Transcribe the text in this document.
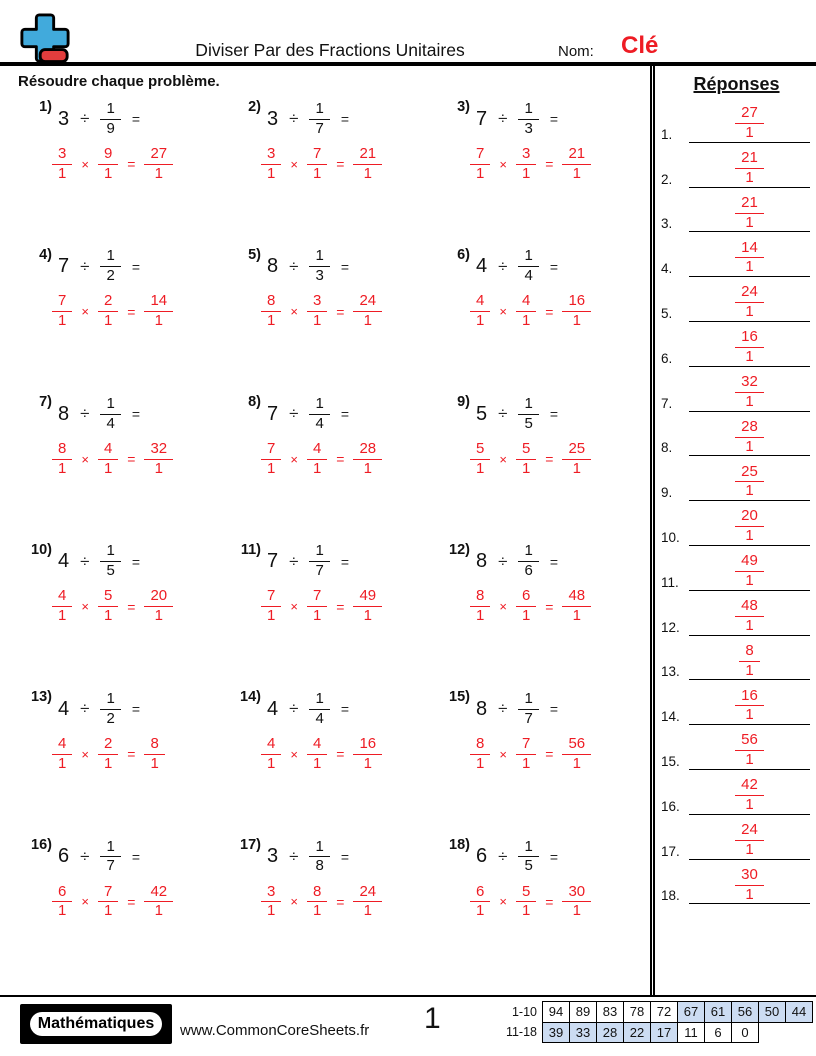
Diviser Par des Fractions Unitaires	Nom: Clé
Résoudre chaque problème.
1)
$3 \div \frac{1}{9}$ =
$\frac{3}{1} \times \frac{9}{1} = \frac{27}{1}$
2)
$3 \div \frac{1}{7}$ =
$\frac{3}{1} \times \frac{7}{1} = \frac{21}{1}$
3)
$7 \div \frac{1}{3}$ =
$\frac{7}{1} \times \frac{3}{1} = \frac{21}{1}$
4)
$7 \div \frac{1}{2}$ =
$\frac{7}{1} \times \frac{2}{1} = \frac{14}{1}$
5)
$8 \div \frac{1}{3}$ =
$\frac{8}{1} \times \frac{3}{1} = \frac{24}{1}$
6)
$4 \div \frac{1}{4}$ =
$\frac{4}{1} \times \frac{4}{1} = \frac{16}{1}$
7)
$8 \div \frac{1}{4}$ =
$\frac{8}{1} \times \frac{4}{1} = \frac{32}{1}$
8)
$7 \div \frac{1}{4}$ =
$\frac{7}{1} \times \frac{4}{1} = \frac{28}{1}$
9)
$5 \div \frac{1}{5}$ =
$\frac{5}{1} \times \frac{5}{1} = \frac{25}{1}$
10)
$4 \div \frac{1}{5}$ =
$\frac{4}{1} \times \frac{5}{1} = \frac{20}{1}$
11)
$7 \div \frac{1}{7}$ =
$\frac{7}{1} \times \frac{7}{1} = \frac{49}{1}$
12)
$8 \div \frac{1}{6}$ =
$\frac{8}{1} \times \frac{6}{1} = \frac{48}{1}$
13)
$4 \div \frac{1}{2}$ =
$\frac{4}{1} \times \frac{2}{1} = \frac{8}{1}$
14)
$4 \div \frac{1}{4}$ =
$\frac{4}{1} \times \frac{4}{1} = \frac{16}{1}$
15)
$8 \div \frac{1}{7}$ =
$\frac{8}{1} \times \frac{7}{1} = \frac{56}{1}$
16)
$6 \div \frac{1}{7}$ =
$\frac{6}{1} \times \frac{7}{1} = \frac{42}{1}$
17)
$3 \div \frac{1}{8}$ =
$\frac{3}{1} \times \frac{8}{1} = \frac{24}{1}$
18)
$6 \div \frac{1}{5}$ =
$\frac{6}{1} \times \frac{5}{1} = \frac{30}{1}$
Réponses
1.	$\frac{27}{1}$
2.	$\frac{21}{1}$
3.	$\frac{21}{1}$
4.	$\frac{14}{1}$
5.	$\frac{24}{1}$
6.	$\frac{16}{1}$
7.	$\frac{32}{1}$
8.	$\frac{28}{1}$
9.	$\frac{25}{1}$
10.	$\frac{20}{1}$
11.	$\frac{49}{1}$
12.	$\frac{48}{1}$
13.	$\frac{8}{1}$
14.	$\frac{16}{1}$
15.	$\frac{56}{1}$
16.	$\frac{42}{1}$
17.	$\frac{24}{1}$
18.	$\frac{30}{1}$
Mathématiques	www.CommonCoreSheets.fr 1	1-10	94	89	83	78	72	67	61	56	50	44
11-18	39	33	28	22	17	11	6	0		
